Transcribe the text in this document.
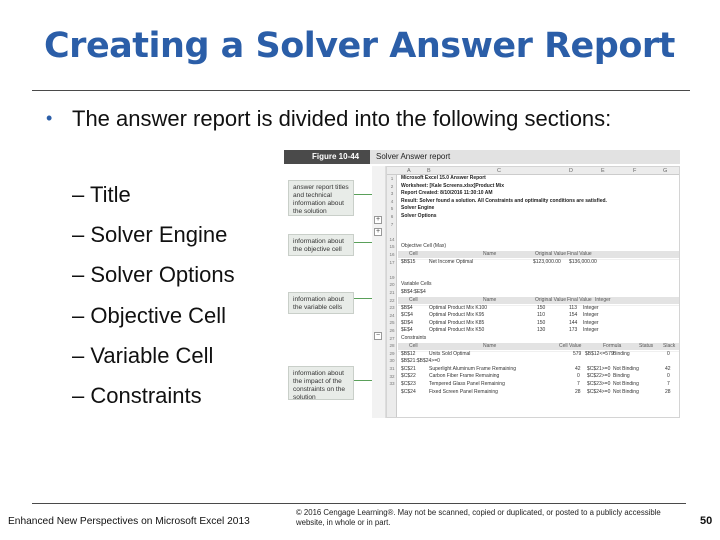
Creating a Solver Answer Report
• The answer report is divided into the following sections:
– Title
– Solver Engine
– Solver Options
– Objective Cell
– Variable Cell
– Constraints
Figure 10-44	Solver Answer report
answer report titles and technical information about the solution
information about the objective cell
information about the variable cells
information about the impact of the constraints on the solution
+
+
−
A	B	C	D	E	F	G
1
2
3
4
5
6
7
14
15
16
17
19
20
21
22
23
24
25
26
27
28
29
30
31
32
33
Microsoft Excel 15.0 Answer Report
Worksheet: [Kale Screens.xlsx]Product Mix
Report Created: 8/10/2016 11:30:10 AM
Result: Solver found a solution. All Constraints and optimality conditions are satisfied.
Solver Engine
Solver Options
Objective Cell (Max)
Cell	Name	Original Value Final Value
$B$15	Net Income Optimal	$123,000.00 $136,000.00
Variable Cells
Cell	Name	Original Value Final Value Integer
$B$4:$E$4
$B$4	Optimal Product Mix K100	150	113 Integer
$C$4	Optimal Product Mix K95	110	154 Integer
$D$4	Optimal Product Mix K85	150	144 Integer
$E$4	Optimal Product Mix K50	130	173 Integer
Constraints
Cell	Name	Cell Value	Formula	Status Slack
$B$12	Units Sold Optimal	579 $B$12<=579 Binding	0
$B$21:$B$24>=0
$C$21	Superlight Aluminum Frame Remaining	42 $C$21>=0 Not Binding	42
$C$22	Carbon Fiber Frame Remaining	0 $C$22>=0 Binding	0
$C$23	Tempered Glass Panel Remaining	7 $C$23>=0 Not Binding	7
$C$24	Fixed Screen Panel Remaining	28 $C$24>=0 Not Binding	28
Enhanced New Perspectives on Microsoft Excel 2013
© 2016 Cengage Learning®. May not be scanned, copied or duplicated, or posted to a publicly accessible website, in whole or in part.	50
